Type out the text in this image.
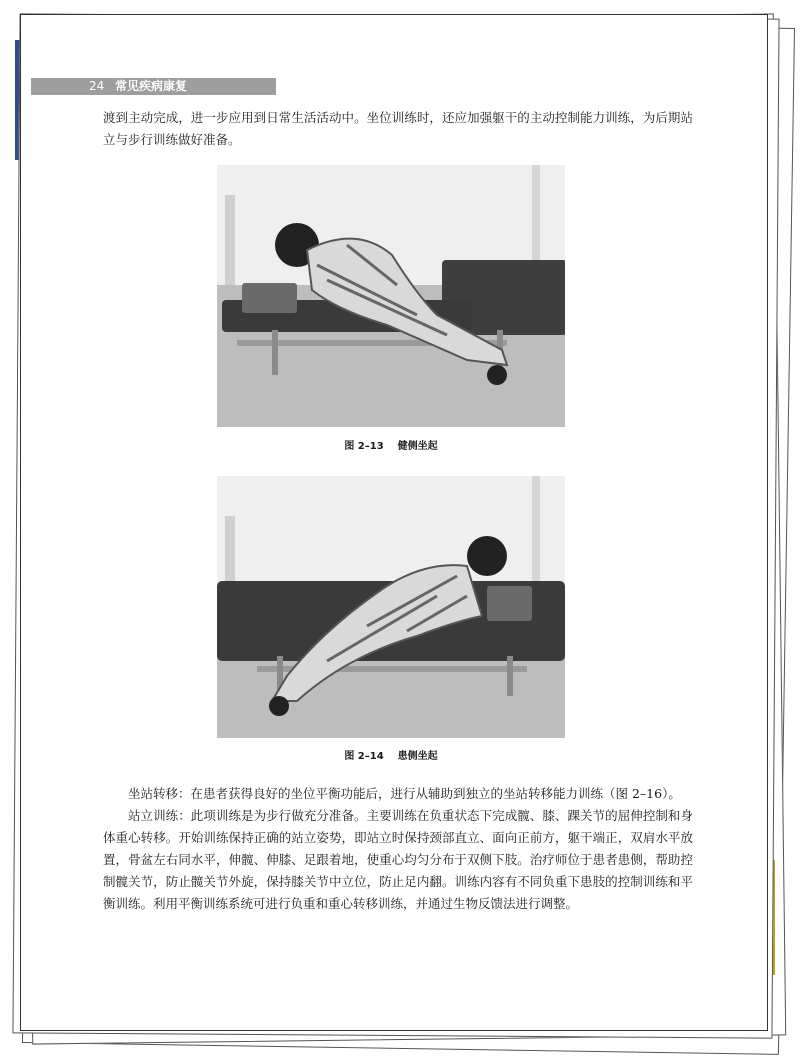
24 常见疾病康复

渡到主动完成，进一步应用到日常生活活动中。坐位训练时，还应加强躯干的主动控制能力训练，为后期站立与步行训练做好准备。

图 2–13 健侧坐起
图 2–14 患侧坐起

坐站转移：在患者获得良好的坐位平衡功能后，进行从辅助到独立的坐站转移能力训练（图 2–16）。

站立训练：此项训练是为步行做充分准备。主要训练在负重状态下完成髋、膝、踝关节的屈伸控制和身体重心转移。开始训练保持正确的站立姿势，即站立时保持颈部直立、面向正前方，躯干端正，双肩水平放置，骨盆左右同水平，伸髋、伸膝、足跟着地，使重心均匀分布于双侧下肢。治疗师位于患者患侧，帮助控制髋关节，防止髋关节外旋，保持膝关节中立位，防止足内翻。训练内容有不同负重下患肢的控制训练和平衡训练。利用平衡训练系统可进行负重和重心转移训练，并通过生物反馈法进行调整。
